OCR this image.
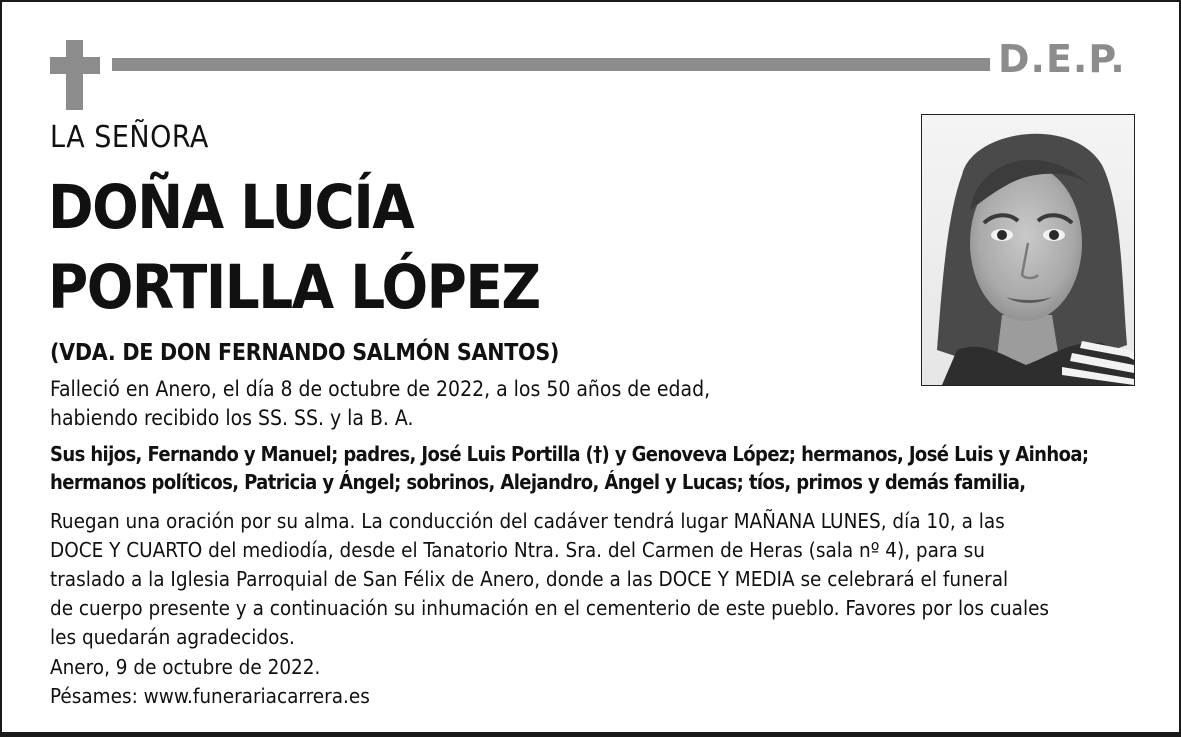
D.E.P.
LA SEÑORA
DOÑA LUCÍA
PORTILLA LÓPEZ
(VDA. DE DON FERNANDO SALMÓN SANTOS)
Falleció en Anero, el día 8 de octubre de 2022, a los 50 años de edad,
habiendo recibido los SS. SS. y la B. A.
Sus hijos, Fernando y Manuel; padres, José Luis Portilla (†) y Genoveva López; hermanos, José Luis y Ainhoa;
hermanos políticos, Patricia y Ángel; sobrinos, Alejandro, Ángel y Lucas; tíos, primos y demás familia,
Ruegan una oración por su alma. La conducción del cadáver tendrá lugar MAÑANA LUNES, día 10, a las
DOCE Y CUARTO del mediodía, desde el Tanatorio Ntra. Sra. del Carmen de Heras (sala nº 4), para su
traslado a la Iglesia Parroquial de San Félix de Anero, donde a las DOCE Y MEDIA se celebrará el funeral
de cuerpo presente y a continuación su inhumación en el cementerio de este pueblo. Favores por los cuales
les quedarán agradecidos.
Anero, 9 de octubre de 2022.
Pésames: www.funerariacarrera.es
